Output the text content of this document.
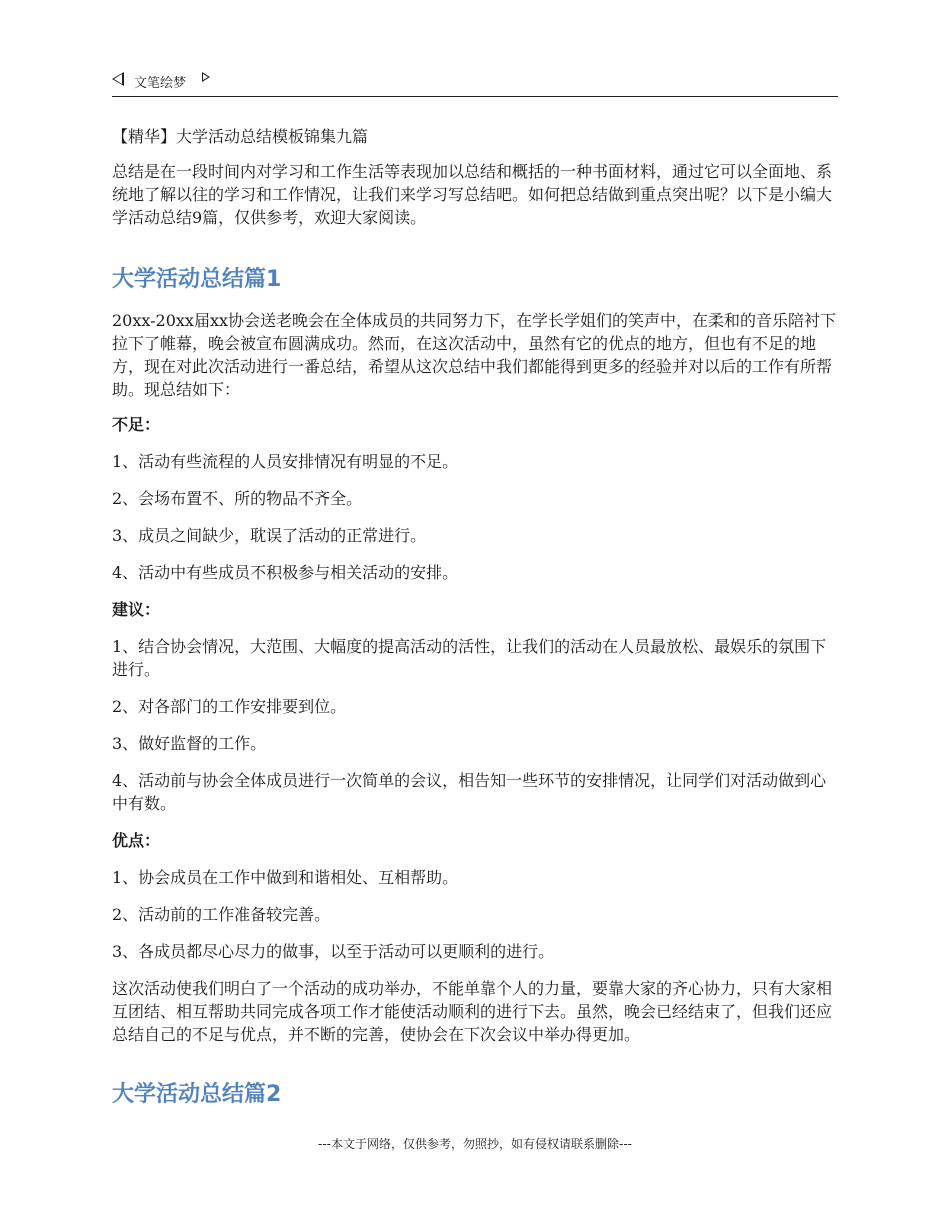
文笔绘梦

【精华】大学活动总结模板锦集九篇

总结是在一段时间内对学习和工作生活等表现加以总结和概括的一种书面材料，通过它可以全面地、系统地了解以往的学习和工作情况，让我们来学习写总结吧。如何把总结做到重点突出呢？以下是小编大学活动总结9篇，仅供参考，欢迎大家阅读。

大学活动总结篇1

20xx-20xx届xx协会送老晚会在全体成员的共同努力下，在学长学姐们的笑声中，在柔和的音乐陪衬下拉下了帷幕，晚会被宣布圆满成功。然而，在这次活动中，虽然有它的优点的地方，但也有不足的地方，现在对此次活动进行一番总结，希望从这次总结中我们都能得到更多的经验并对以后的工作有所帮助。现总结如下：

不足：

1、活动有些流程的人员安排情况有明显的不足。

2、会场布置不、所的物品不齐全。

3、成员之间缺少，耽误了活动的正常进行。

4、活动中有些成员不积极参与相关活动的安排。

建议：

1、结合协会情况，大范围、大幅度的提高活动的活性，让我们的活动在人员最放松、最娱乐的氛围下进行。

2、对各部门的工作安排要到位。

3、做好监督的工作。

4、活动前与协会全体成员进行一次简单的会议，相告知一些环节的安排情况，让同学们对活动做到心中有数。

优点：

1、协会成员在工作中做到和谐相处、互相帮助。

2、活动前的工作准备较完善。

3、各成员都尽心尽力的做事，以至于活动可以更顺利的进行。

这次活动使我们明白了一个活动的成功举办，不能单靠个人的力量，要靠大家的齐心协力，只有大家相互团结、相互帮助共同完成各项工作才能使活动顺利的进行下去。虽然，晚会已经结束了，但我们还应总结自己的不足与优点，并不断的完善，使协会在下次会议中举办得更加。

大学活动总结篇2
---本文于网络，仅供参考，勿照抄，如有侵权请联系删除---
